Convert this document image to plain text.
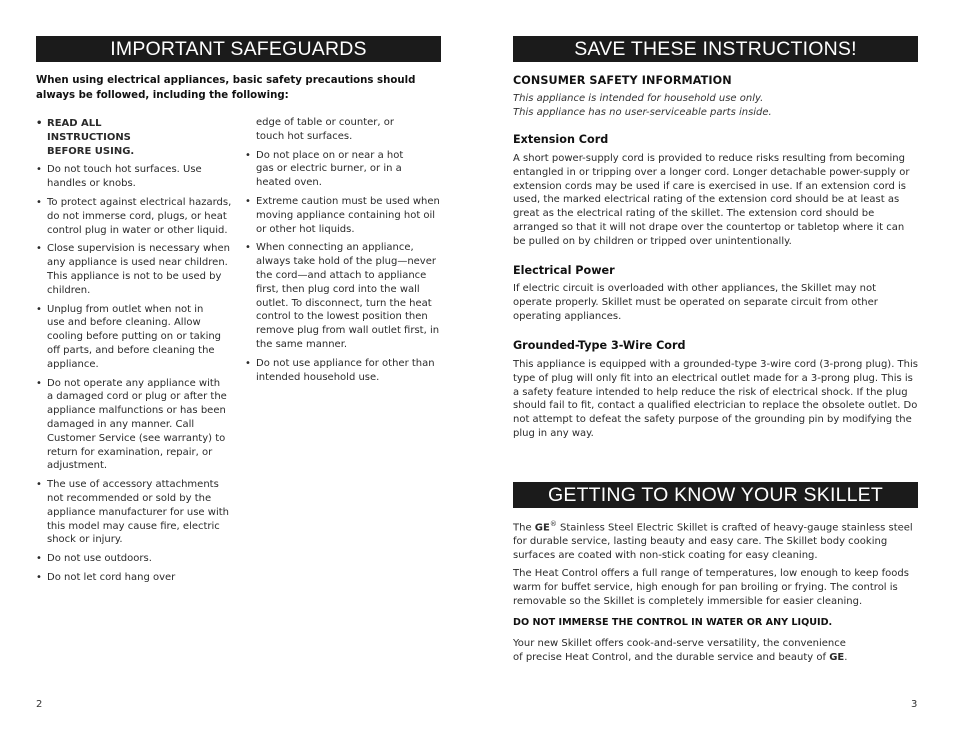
IMPORTANT SAFEGUARDS
When using electrical appliances, basic safety precautions should always be followed, including the following:
• READ ALL INSTRUCTIONS BEFORE USING.
• Do not touch hot surfaces. Use handles or knobs.
• To protect against electrical hazards, do not immerse cord, plugs, or heat control plug in water or other liquid.
• Close supervision is necessary when any appliance is used near children. This appliance is not to be used by children.
• Unplug from outlet when not in use and before cleaning. Allow cooling before putting on or taking off parts, and before cleaning the appliance.
• Do not operate any appliance with a damaged cord or plug or after the appliance malfunctions or has been damaged in any manner. Call Customer Service (see warranty) to return for examination, repair, or adjustment.
• The use of accessory attachments not recommended or sold by the appliance manufacturer for use with this model may cause fire, electric shock or injury.
• Do not use outdoors.
• Do not let cord hang over
edge of table or counter, or touch hot surfaces.
• Do not place on or near a hot gas or electric burner, or in a heated oven.
• Extreme caution must be used when moving appliance containing hot oil or other hot liquids.
• When connecting an appliance, always take hold of the plug—never the cord—and attach to appliance first, then plug cord into the wall outlet. To disconnect, turn the heat control to the lowest position then remove plug from wall outlet first, in the same manner.
• Do not use appliance for other than intended household use.
2
SAVE THESE INSTRUCTIONS!
CONSUMER SAFETY INFORMATION
This appliance is intended for household use only.
This appliance has no user-serviceable parts inside.
Extension Cord
A short power-supply cord is provided to reduce risks resulting from becoming entangled in or tripping over a longer cord. Longer detachable power-supply or extension cords may be used if care is exercised in use. If an extension cord is used, the marked electrical rating of the extension cord should be at least as great as the electrical rating of the skillet. The extension cord should be arranged so that it will not drape over the countertop or tabletop where it can be pulled on by children or tripped over unintentionally.
Electrical Power
If electric circuit is overloaded with other appliances, the Skillet may not operate properly. Skillet must be operated on separate circuit from other operating appliances.
Grounded-Type 3-Wire Cord
This appliance is equipped with a grounded-type 3-wire cord (3-prong plug). This type of plug will only fit into an electrical outlet made for a 3-prong plug. This is a safety feature intended to help reduce the risk of electrical shock. If the plug should fail to fit, contact a qualified electrician to replace the obsolete outlet. Do not attempt to defeat the safety purpose of the grounding pin by modifying the plug in any way.
GETTING TO KNOW YOUR SKILLET
The GE® Stainless Steel Electric Skillet is crafted of heavy-gauge stainless steel for durable service, lasting beauty and easy care. The Skillet body cooking surfaces are coated with non-stick coating for easy cleaning.
The Heat Control offers a full range of temperatures, low enough to keep foods warm for buffet service, high enough for pan broiling or frying. The control is removable so the Skillet is completely immersible for easier cleaning.
DO NOT IMMERSE THE CONTROL IN WATER OR ANY LIQUID.
Your new Skillet offers cook-and-serve versatility, the convenience
of precise Heat Control, and the durable service and beauty of GE.
3
